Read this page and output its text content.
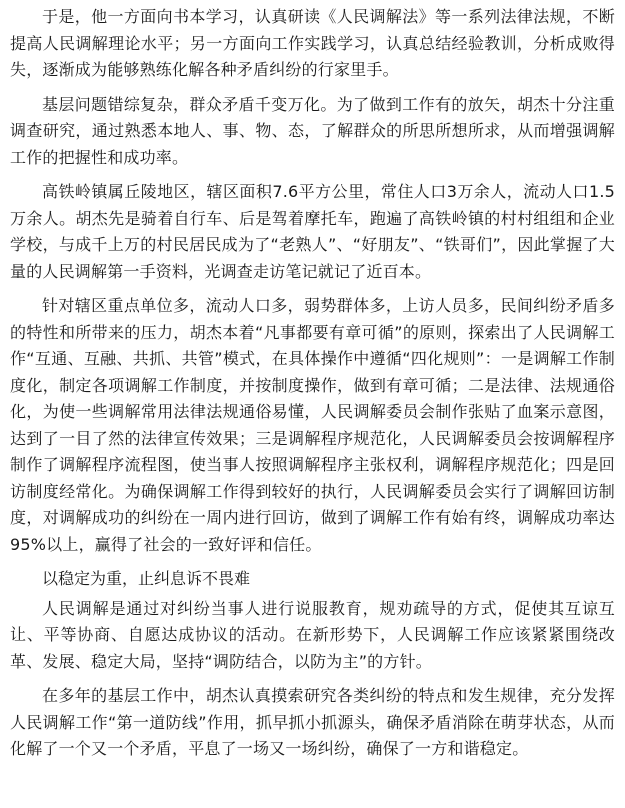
于是，他一方面向书本学习，认真研读《人民调解法》等一系列法律法规，不断提高人民调解理论水平；另一方面向工作实践学习，认真总结经验教训，分析成败得失，逐渐成为能够熟练化解各种矛盾纠纷的行家里手。

基层问题错综复杂，群众矛盾千变万化。为了做到工作有的放矢，胡杰十分注重调查研究，通过熟悉本地人、事、物、态，了解群众的所思所想所求，从而增强调解工作的把握性和成功率。

高铁岭镇属丘陵地区，辖区面积7.6平方公里，常住人口3万余人，流动人口1.5万余人。胡杰先是骑着自行车、后是驾着摩托车，跑遍了高铁岭镇的村村组组和企业学校，与成千上万的村民居民成为了“老熟人”、“好朋友”、“铁哥们”，因此掌握了大量的人民调解第一手资料，光调查走访笔记就记了近百本。

针对辖区重点单位多，流动人口多，弱势群体多，上访人员多，民间纠纷矛盾多的特性和所带来的压力，胡杰本着“凡事都要有章可循”的原则，探索出了人民调解工作“互通、互融、共抓、共管”模式，在具体操作中遵循“四化规则”：一是调解工作制度化，制定各项调解工作制度，并按制度操作，做到有章可循；二是法律、法规通俗化，为使一些调解常用法律法规通俗易懂，人民调解委员会制作张贴了血案示意图，达到了一目了然的法律宣传效果；三是调解程序规范化，人民调解委员会按调解程序制作了调解程序流程图，使当事人按照调解程序主张权利，调解程序规范化；四是回访制度经常化。为确保调解工作得到较好的执行，人民调解委员会实行了调解回访制度，对调解成功的纠纷在一周内进行回访，做到了调解工作有始有终，调解成功率达95%以上，赢得了社会的一致好评和信任。

以稳定为重，止纠息诉不畏难

人民调解是通过对纠纷当事人进行说服教育，规劝疏导的方式，促使其互谅互让、平等协商、自愿达成协议的活动。在新形势下，人民调解工作应该紧紧围绕改革、发展、稳定大局，坚持“调防结合，以防为主”的方针。

在多年的基层工作中，胡杰认真摸索研究各类纠纷的特点和发生规律，充分发挥人民调解工作“第一道防线”作用，抓早抓小抓源头，确保矛盾消除在萌芽状态，从而化解了一个又一个矛盾，平息了一场又一场纠纷，确保了一方和谐稳定。
